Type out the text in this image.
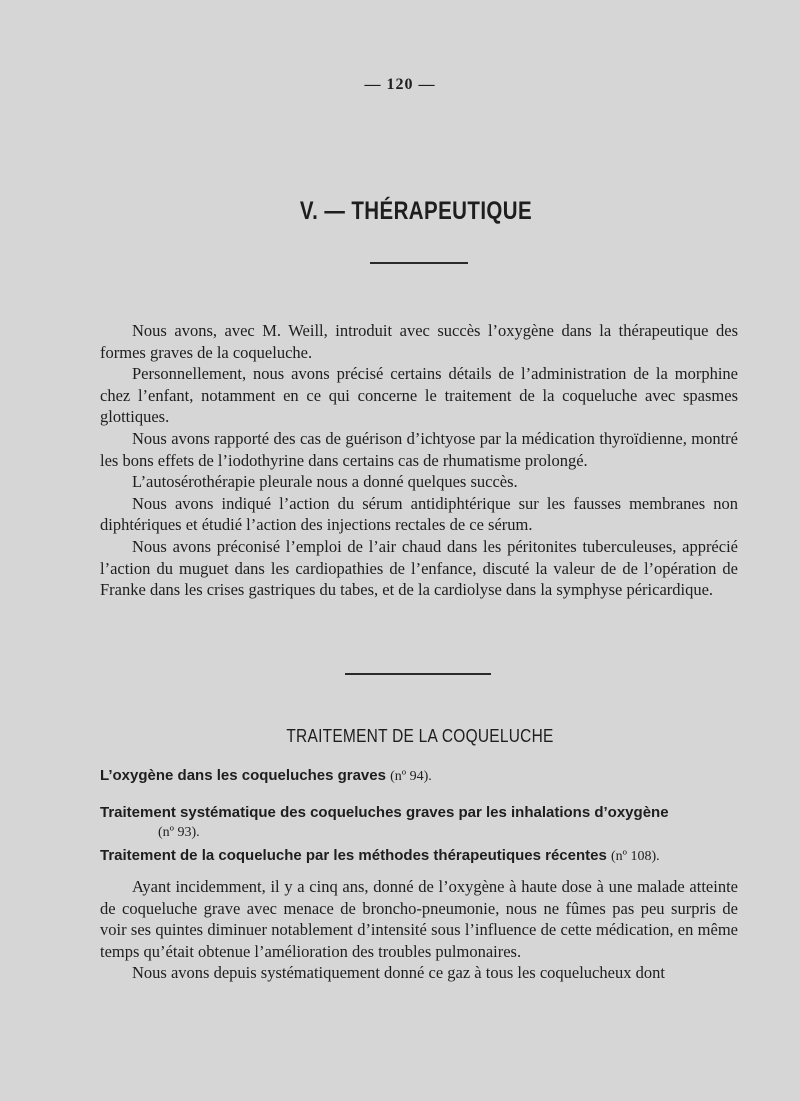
— 120 —
V. — THÉRAPEUTIQUE

Nous avons, avec M. Weill, introduit avec succès l’oxygène dans la thérapeutique des formes graves de la coqueluche.

Personnellement, nous avons précisé certains détails de l’administration de la morphine chez l’enfant, notamment en ce qui concerne le traitement de la coqueluche avec spasmes glottiques.

Nous avons rapporté des cas de guérison d’ichtyose par la médication thyroïdienne, montré les bons effets de l’iodothyrine dans certains cas de rhumatisme prolongé.

L’autosérothérapie pleurale nous a donné quelques succès.

Nous avons indiqué l’action du sérum antidiphtérique sur les fausses membranes non diphtériques et étudié l’action des injections rectales de ce sérum.

Nous avons préconisé l’emploi de l’air chaud dans les péritonites tuberculeuses, apprécié l’action du muguet dans les cardiopathies de l’enfance, discuté la valeur de de l’opération de Franke dans les crises gastriques du tabes, et de la cardiolyse dans la symphyse péricardique.

TRAITEMENT DE LA COQUELUCHE
L’oxygène dans les coqueluches graves (nº 94).
Traitement systématique des coqueluches graves par les inhalations d’oxygène
(nº 93).
Traitement de la coqueluche par les méthodes thérapeutiques récentes (nº 108).

Ayant incidemment, il y a cinq ans, donné de l’oxygène à haute dose à une malade atteinte de coqueluche grave avec menace de broncho-pneumonie, nous ne fûmes pas peu surpris de voir ses quintes diminuer notablement d’intensité sous l’influence de cette médication, en même temps qu’était obtenue l’amélioration des troubles pulmonaires.

Nous avons depuis systématiquement donné ce gaz à tous les coqueluchеux dont
